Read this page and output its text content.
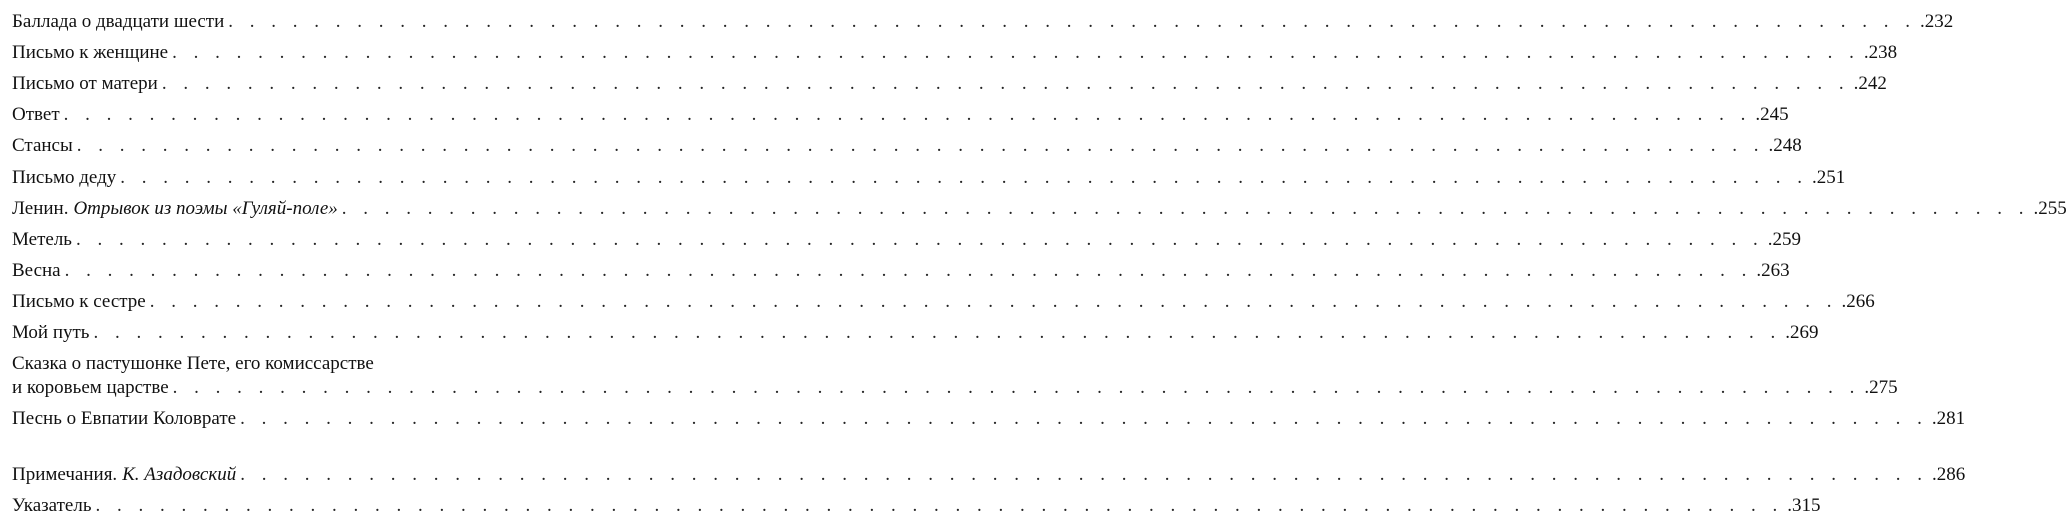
Баллада о двадцати шести . . . . . . . . . . . . . . . . . . . . . . . . . . . . . . . . . . . . . . . . . . . . . . . . . . . . . . . . . . . . . . . . . . . . . . . . . . . . . . . .232
Письмо к женщине . . . . . . . . . . . . . . . . . . . . . . . . . . . . . . . . . . . . . . . . . . . . . . . . . . . . . . . . . . . . . . . . . . . . . . . . . . . . . . . .238
Письмо от матери . . . . . . . . . . . . . . . . . . . . . . . . . . . . . . . . . . . . . . . . . . . . . . . . . . . . . . . . . . . . . . . . . . . . . . . . . . . . . . . .242
Ответ . . . . . . . . . . . . . . . . . . . . . . . . . . . . . . . . . . . . . . . . . . . . . . . . . . . . . . . . . . . . . . . . . . . . . . . . . . . . . . . .245
Стансы . . . . . . . . . . . . . . . . . . . . . . . . . . . . . . . . . . . . . . . . . . . . . . . . . . . . . . . . . . . . . . . . . . . . . . . . . . . . . . . .248
Письмо деду . . . . . . . . . . . . . . . . . . . . . . . . . . . . . . . . . . . . . . . . . . . . . . . . . . . . . . . . . . . . . . . . . . . . . . . . . . . . . . . .251
Ленин. Отрывок из поэмы «Гуляй-поле» . . . . . . . . . . . . . . . . . . . . . . . . . . . . . . . . . . . . . . . . . . . . . . . . . . . . . . . . . . . . . . . . . . . . . . . . . . . . . . . .255
Метель . . . . . . . . . . . . . . . . . . . . . . . . . . . . . . . . . . . . . . . . . . . . . . . . . . . . . . . . . . . . . . . . . . . . . . . . . . . . . . . .259
Весна . . . . . . . . . . . . . . . . . . . . . . . . . . . . . . . . . . . . . . . . . . . . . . . . . . . . . . . . . . . . . . . . . . . . . . . . . . . . . . . .263
Письмо к сестре . . . . . . . . . . . . . . . . . . . . . . . . . . . . . . . . . . . . . . . . . . . . . . . . . . . . . . . . . . . . . . . . . . . . . . . . . . . . . . . .266
Мой путь . . . . . . . . . . . . . . . . . . . . . . . . . . . . . . . . . . . . . . . . . . . . . . . . . . . . . . . . . . . . . . . . . . . . . . . . . . . . . . . .269
Сказка о пастушонке Пете, его комиссарстве
и коровьем царстве . . . . . . . . . . . . . . . . . . . . . . . . . . . . . . . . . . . . . . . . . . . . . . . . . . . . . . . . . . . . . . . . . . . . . . . . . . . . . . . .275
Песнь о Евпатии Коловрате . . . . . . . . . . . . . . . . . . . . . . . . . . . . . . . . . . . . . . . . . . . . . . . . . . . . . . . . . . . . . . . . . . . . . . . . . . . . . . . .281
Примечания. К. Азадовский . . . . . . . . . . . . . . . . . . . . . . . . . . . . . . . . . . . . . . . . . . . . . . . . . . . . . . . . . . . . . . . . . . . . . . . . . . . . . . . .286
Указатель . . . . . . . . . . . . . . . . . . . . . . . . . . . . . . . . . . . . . . . . . . . . . . . . . . . . . . . . . . . . . . . . . . . . . . . . . . . . . . . .315
